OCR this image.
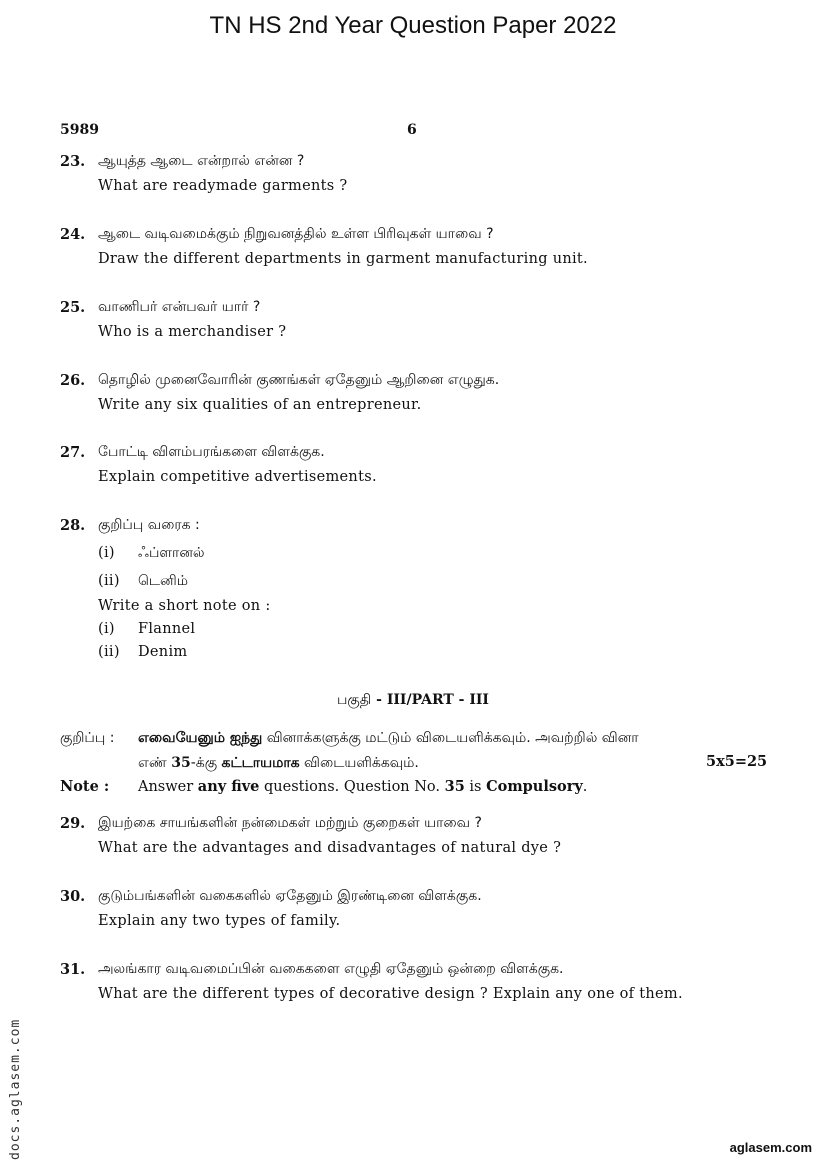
TN HS 2nd Year Question Paper 2022
5989	6
23. ஆயுத்த ஆடை என்றால் என்ன ?
What are readymade garments ?
24. ஆடை வடிவமைக்கும் நிறுவனத்தில் உள்ள பிரிவுகள் யாவை ?
Draw the different departments in garment manufacturing unit.
25. வாணிபர் என்பவர் யார் ?
Who is a merchandiser ?
26. தொழில் முனைவோரின் குணங்கள் ஏதேனும் ஆறினை எழுதுக.
Write any six qualities of an entrepreneur.
27. போட்டி விளம்பரங்களை விளக்குக.
Explain competitive advertisements.
28. குறிப்பு வரைக :
(i) ஃப்ளானல்
(ii) டெனிம்
Write a short note on :
(i) Flannel
(ii) Denim
பகுதி - III/PART - III
குறிப்பு : எவையேனும் ஐந்து வினாக்களுக்கு மட்டும் விடையளிக்கவும். அவற்றில் வினா
எண் 35-க்கு கட்டாயமாக விடையளிக்கவும்.	5x5=25
Note : Answer any five questions. Question No. 35 is Compulsory.
29. இயற்கை சாயங்களின் நன்மைகள் மற்றும் குறைகள் யாவை ?
What are the advantages and disadvantages of natural dye ?
30. குடும்பங்களின் வகைகளில் ஏதேனும் இரண்டினை விளக்குக.
Explain any two types of family.
31. அலங்கார வடிவமைப்பின் வகைகளை எழுதி ஏதேனும் ஒன்றை விளக்குக.
What are the different types of decorative design ? Explain any one of them.
docs.aglasem.com	aglasem.com
